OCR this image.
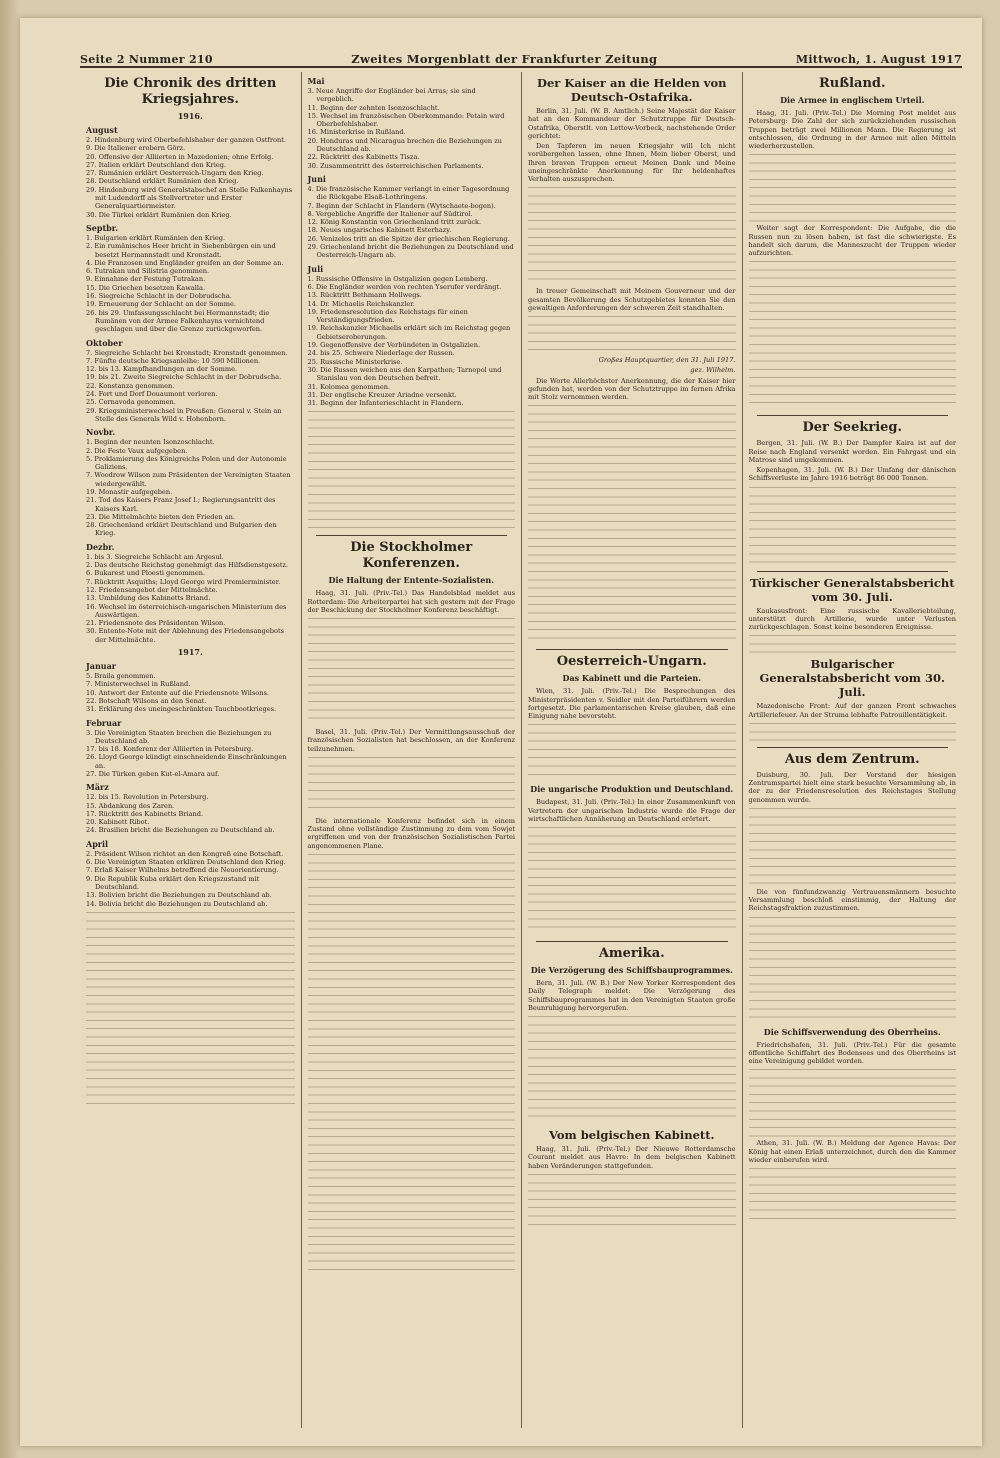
Seite 2 Nummer 210	Zweites Morgenblatt der Frankfurter Zeitung	Mittwoch, 1. August 1917
Die Chronik des dritten Kriegsjahres.
1916.
August

2. Hindenburg wird Oberbefehlshaber der ganzen Ostfront.

9. Die Italiener erobern Görz.

20. Offensive der Alliierten in Mazedonien; ohne Erfolg.

27. Italien erklärt Deutschland den Krieg.

27. Rumänien erklärt Oesterreich-Ungarn den Krieg.

28. Deutschland erklärt Rumänien den Krieg.

29. Hindenburg wird Generalstabschef an Stelle Falkenhayns mit Ludendorff als Stellvertreter und Erster Generalquartiermeister.

30. Die Türkei erklärt Rumänien den Krieg.

Septbr.

1. Bulgarien erklärt Rumänien den Krieg.

2. Ein rumänisches Heer bricht in Siebenbürgen ein und besetzt Hermannstadt und Kronstadt.

4. Die Franzosen und Engländer greifen an der Somme an.

6. Tutrakan und Silistria genommen.

9. Einnahme der Festung Tutrakan.

15. Die Griechen besetzen Kawalla.

16. Siegreiche Schlacht in der Dobrudscha.

19. Erneuerung der Schlacht an der Somme.

26. bis 29. Umfassungsschlacht bei Hermannstadt; die Rumänen von der Armee Falkenhayns vernichtend geschlagen und über die Grenze zurückgeworfen.

Oktober

7. Siegreiche Schlacht bei Kronstadt; Kronstadt genommen.

7. Fünfte deutsche Kriegsanleihe: 10 590 Millionen.

12. bis 13. Kampfhandlungen an der Somme.

19. bis 21. Zweite Siegreiche Schlacht in der Dobrudscha.

22. Konstanza genommen.

24. Fort und Dorf Douaumont verloren.

25. Cernavoda genommen.

29. Kriegsministerwechsel in Preußen: General v. Stein an Stelle des Generals Wild v. Hohenborn.

Novbr.

1. Beginn der neunten Isonzoschlacht.

2. Die Feste Vaux aufgegeben.

5. Proklamierung des Königreichs Polen und der Autonomie Galiziens.

7. Woodrow Wilson zum Präsidenten der Vereinigten Staaten wiedergewählt.

19. Monastir aufgegeben.

21. Tod des Kaisers Franz Josef I.; Regierungsantritt des Kaisers Karl.

23. Die Mittelmächte bieten den Frieden an.

28. Griechenland erklärt Deutschland und Bulgarien den Krieg.

Dezbr.

1. bis 3. Siegreiche Schlacht am Argesul.

2. Das deutsche Reichstag genehmigt das Hilfsdienstgesetz.

6. Bukarest und Ploesti genommen.

7. Rücktritt Asquiths; Lloyd George wird Premierminister.

12. Friedensangebot der Mittelmächte.

13. Umbildung des Kabinetts Briand.

16. Wechsel im österreichisch-ungarischen Ministerium des Auswärtigen.

21. Friedensnote des Präsidenten Wilson.

30. Entente-Note mit der Ablehnung des Friedensangebots der Mittelmächte.

1917.
Januar

5. Braila genommen.

7. Ministerwechsel in Rußland.

10. Antwort der Entente auf die Friedensnote Wilsons.

22. Botschaft Wilsons an den Senat.

31. Erklärung des uneingeschränkten Tauchbootkrieges.

Februar

3. Die Vereinigten Staaten brechen die Beziehungen zu Deutschland ab.

17. bis 18. Konferenz der Alliierten in Petersburg.

26. Lloyd George kündigt einschneidende Einschränkungen an.

27. Die Türken geben Kut-el-Amara auf.

März

12. bis 15. Revolution in Petersburg.

15. Abdankung des Zaren.

17. Rücktritt des Kabinetts Briand.

20. Kabinett Ribot.

24. Brasilien bricht die Beziehungen zu Deutschland ab.

April

2. Präsident Wilson richtet an den Kongreß eine Botschaft.

6. Die Vereinigten Staaten erklären Deutschland den Krieg.

7. Erlaß Kaiser Wilhelms betreffend die Neuorientierung.

9. Die Republik Kuba erklärt den Kriegszustand mit Deutschland.

13. Bolivien bricht die Beziehungen zu Deutschland ab.

14. Bolivia bricht die Beziehungen zu Deutschland ab.

Mai

3. Neue Angriffe der Engländer bei Arras; sie sind vergeblich.

11. Beginn der zehnten Isonzoschlacht.

15. Wechsel im französischen Oberkommando: Petain wird Oberbefehlshaber.

16. Ministerkrise in Rußland.

20. Honduras und Nicaragua brechen die Beziehungen zu Deutschland ab.

22. Rücktritt des Kabinetts Tisza.

30. Zusammentritt des österreichischen Parlaments.

Juni

4. Die französische Kammer verlangt in einer Tagesordnung die Rückgabe Elsaß-Lothringens.

7. Beginn der Schlacht in Flandern (Wytschaete-bogen).

8. Vergebliche Angriffe der Italiener auf Südtirol.

12. König Konstantin von Griechenland tritt zurück.

18. Neues ungarisches Kabinett Esterhazy.

26. Venizelos tritt an die Spitze der griechischen Regierung.

29. Griechenland bricht die Beziehungen zu Deutschland und Oesterreich-Ungarn ab.

Juli

1. Russische Offensive in Ostgalizien gegen Lemberg.

6. Die Engländer werden von rechten Yserufer verdrängt.

13. Rücktritt Bethmann Hollwegs.

14. Dr. Michaelis Reichskanzler.

19. Friedensresolution des Reichstags für einen Verständigungsfrieden.

19. Reichskanzler Michaelis erklärt sich im Reichstag gegen Gebietseroberungen.

19. Gegenoffensive der Verbündeten in Ostgalizien.

24. bis 25. Schwere Niederlage der Russen.

25. Russische Ministerkrise.

30. Die Russen weichen aus den Karpathen; Tarnopol und Stanislau von den Deutschen befreit.

31. Kolomea genommen.

31. Der englische Kreuzer Ariadne versenkt.

31. Beginn der Infanterieschlacht in Flandern.

Die Stockholmer Konferenzen.
Die Haltung der Entente-Sozialisten.

Haag, 31. Juli. (Priv.-Tel.) Das Handelsblad meldet aus Rotterdam: Die Arbeiterpartei hat sich gestern mit der Frage der Beschickung der Stockholmer Konferenz beschäftigt.

Basel, 31. Juli. (Priv.-Tel.) Der Vermittlungsausschuß der französischen Sozialisten hat beschlossen, an der Konferenz teilzunehmen.

Die internationale Konferenz befindet sich in einem Zustand ohne vollständige Zustimmung zu dem vom Sowjet ergriffenen und von der französischen Sozialistischen Partei angenommenen Plane.

Der Kaiser an die Helden von Deutsch-Ostafrika.

Berlin, 31. Juli. (W. B. Amtlich.) Seine Majestät der Kaiser hat an den Kommandeur der Schutztruppe für Deutsch-Ostafrika, Oberstlt. von Lettow-Vorbeck, nachstehende Order gerichtet:

Den Tapferen im neuen Kriegsjahr will Ich nicht vorübergehen lassen, ohne Ihnen, Mein lieber Oberst, und Ihren braven Truppen erneut Meinen Dank und Meine uneingeschränkte Anerkennung für Ihr heldenhaftes Verhalten auszusprechen.

In treuer Gemeinschaft mit Meinem Gouverneur und der gesamten Bevölkerung des Schutzgebietes konnten Sie den gewaltigen Anforderungen der schweren Zeit standhalten.

Großes Hauptquartier, den 31. Juli 1917.

gez. Wilhelm.

Die Worte Allerhöchster Anerkennung, die der Kaiser hier gefunden hat, werden von der Schutztruppe im fernen Afrika mit Stolz vernommen werden.

Oesterreich-Ungarn.
Das Kabinett und die Parteien.

Wien, 31. Juli. (Priv.-Tel.) Die Besprechungen des Ministerpräsidenten v. Seidler mit den Parteiführern werden fortgesetzt. Die parlamentarischen Kreise glauben, daß eine Einigung nahe bevorsteht.

Die ungarische Produktion und Deutschland.

Budapest, 31. Juli. (Priv.-Tel.) In einer Zusammenkunft von Vertretern der ungarischen Industrie wurde die Frage der wirtschaftlichen Annäherung an Deutschland erörtert.

Amerika.
Die Verzögerung des Schiffsbauprogrammes.

Bern, 31. Juli. (W. B.) Der New Yorker Korrespondent des Daily Telegraph meldet: Die Verzögerung des Schiffsbauprogrammes hat in den Vereinigten Staaten große Beunruhigung hervorgerufen.

Vom belgischen Kabinett.

Haag, 31. Juli. (Priv.-Tel.) Der Nieuwe Rotterdamsche Courant meldet aus Havre: In dem belgischen Kabinett haben Veränderungen stattgefunden.

Rußland.
Die Armee in englischem Urteil.

Haag, 31. Juli. (Priv.-Tel.) Die Morning Post meldet aus Petersburg: Die Zahl der sich zurückziehenden russischen Truppen beträgt zwei Millionen Mann. Die Regierung ist entschlossen, die Ordnung in der Armee mit allen Mitteln wiederherzustellen.

Weiter sagt der Korrespondent: Die Aufgabe, die die Russen nun zu lösen haben, ist fast die schwierigste. Es handelt sich darum, die Manneszucht der Truppen wieder aufzurichten.

Der Seekrieg.

Bergen, 31. Juli. (W. B.) Der Dampfer Kaira ist auf der Reise nach England versenkt worden. Ein Fahrgast und ein Matrose sind umgekommen.

Kopenhagen, 31. Juli. (W. B.) Der Umfang der dänischen Schiffsverluste im Jahre 1916 beträgt 86 000 Tonnen.

Türkischer Generalstabsbericht vom 30. Juli.

Kaukasusfront: Eine russische Kavalleriebteilung, unterstützt durch Artillerie, wurde unter Verlusten zurückgeschlagen. Sonst keine besonderen Ereignisse.

Bulgarischer Generalstabsbericht vom 30. Juli.

Mazedonische Front: Auf der ganzen Front schwaches Artilleriefeuer. An der Struma lebhafte Patrouillentätigkeit.

Aus dem Zentrum.

Duisburg, 30. Juli. Der Vorstand der hiesigen Zentrumspartei hielt eine stark besuchte Versammlung ab, in der zu der Friedensresolution des Reichstages Stellung genommen wurde.

Die von fünfundzwanzig Vertrauensmännern besuchte Versammlung beschloß einstimmig, der Haltung der Reichstagsfraktion zuzustimmen.

Die Schiffsverwendung des Oberrheins.

Friedrichshafen, 31. Juli. (Priv.-Tel.) Für die gesamte öffentliche Schiffahrt des Bodensees und des Oberrheins ist eine Vereinigung gebildet worden.

Athen, 31. Juli. (W. B.) Meldung der Agence Havas: Der König hat einen Erlaß unterzeichnet, durch den die Kammer wieder einberufen wird.
